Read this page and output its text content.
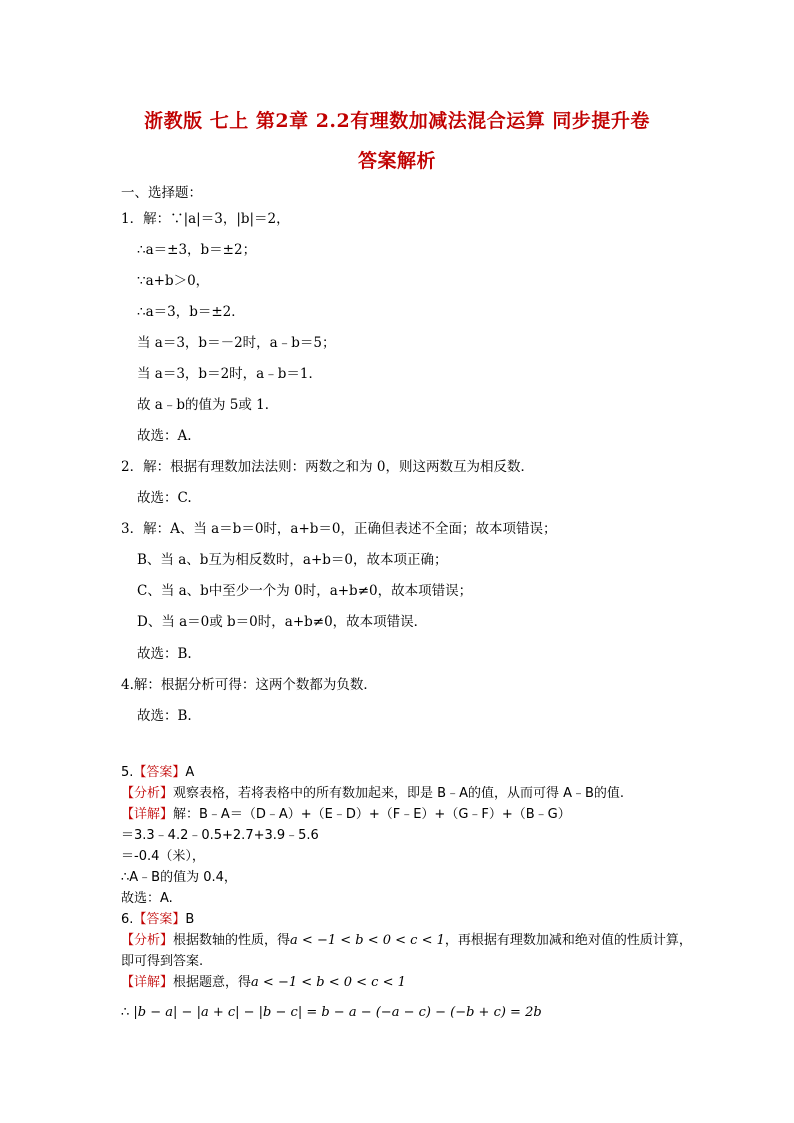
浙教版 七上 第2章 2.2有理数加减法混合运算 同步提升卷
答案解析
一、选择题：
1．解：∵|a|＝3，|b|＝2，
∴a＝±3，b＝±2；
∵a+b＞0，
∴a＝3，b＝±2．
当 a＝3，b＝－2时，a﹣b＝5；
当 a＝3，b＝2时，a﹣b＝1．
故 a﹣b的值为 5或 1．
故选：A.
2．解：根据有理数加法法则：两数之和为 0，则这两数互为相反数．
故选：C.
3．解：A、当 a＝b＝0时，a+b＝0，正确但表述不全面；故本项错误；
B、当 a、b互为相反数时，a+b＝0，故本项正确；
C、当 a、b中至少一个为 0时，a+b≠0，故本项错误；
D、当 a＝0或 b＝0时，a+b≠0，故本项错误．
故选：B.
4.解：根据分析可得：这两个数都为负数．
故选：B.
5.【答案】A
【分析】观察表格，若将表格中的所有数加起来，即是 B﹣A的值，从而可得 A﹣B的值.
【详解】解：B﹣A＝（D﹣A）+（E﹣D）+（F﹣E）+（G﹣F）+（B﹣G）
＝3.3﹣4.2﹣0.5+2.7+3.9﹣5.6
＝-0.4（米），
∴A﹣B的值为 0.4，
故选：A.
6.【答案】B
【分析】根据数轴的性质，得a < −1 < b < 0 < c < 1，再根据有理数加减和绝对值的性质计算，
即可得到答案.
【详解】根据题意，得a < −1 < b < 0 < c < 1
∴ |b − a| − |a + c| − |b − c| = b − a − (−a − c) − (−b + c) = 2b
